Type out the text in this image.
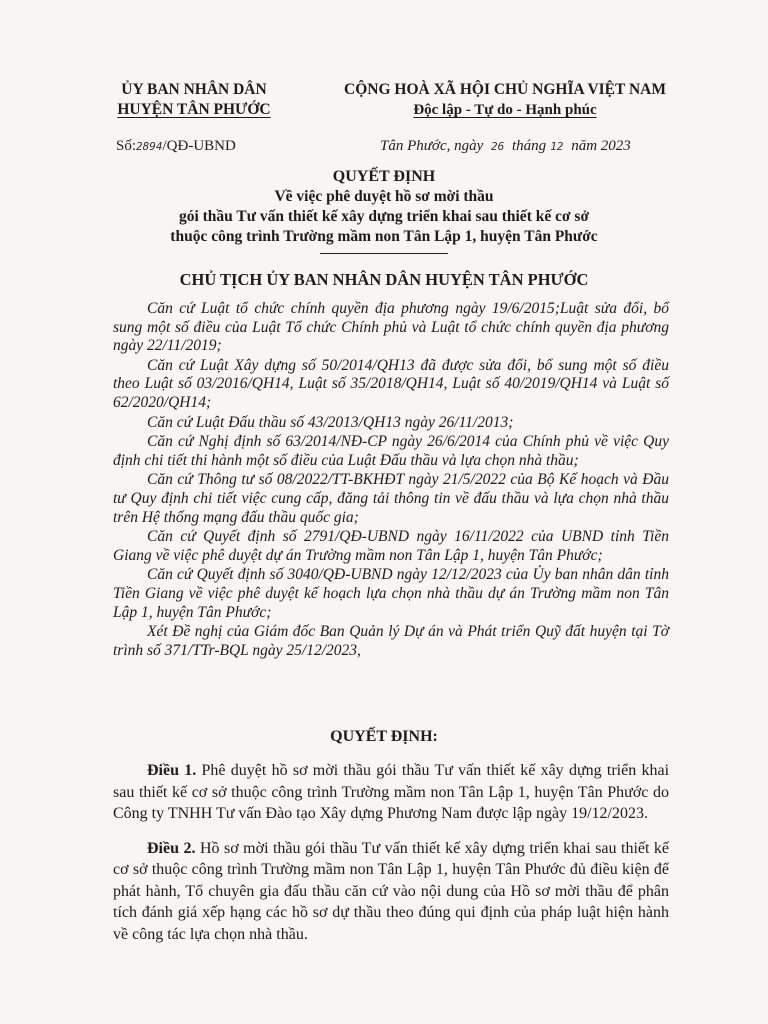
ỦY BAN NHÂN DÂN
HUYỆN TÂN PHƯỚC
CỘNG HOÀ XÃ HỘI CHỦ NGHĨA VIỆT NAM
Độc lập - Tự do - Hạnh phúc
Số:2894/QĐ-UBND	Tân Phước, ngày 26 tháng 12 năm 2023
QUYẾT ĐỊNH
Về việc phê duyệt hồ sơ mời thầu
gói thầu Tư vấn thiết kế xây dựng triển khai sau thiết kế cơ sở
thuộc công trình Trường mầm non Tân Lập 1, huyện Tân Phước
CHỦ TỊCH ỦY BAN NHÂN DÂN HUYỆN TÂN PHƯỚC

Căn cứ Luật tổ chức chính quyền địa phương ngày 19/6/2015;Luật sửa đổi, bổ sung một số điều của Luật Tổ chức Chính phủ và Luật tổ chức chính quyền địa phương ngày 22/11/2019;

Căn cứ Luật Xây dựng số 50/2014/QH13 đã được sửa đổi, bổ sung một số điều theo Luật số 03/2016/QH14, Luật số 35/2018/QH14, Luật số 40/2019/QH14 và Luật số 62/2020/QH14;

Căn cứ Luật Đấu thầu số 43/2013/QH13 ngày 26/11/2013;

Căn cứ Nghị định số 63/2014/NĐ-CP ngày 26/6/2014 của Chính phủ về việc Quy định chi tiết thi hành một số điều của Luật Đấu thầu và lựa chọn nhà thầu;

Căn cứ Thông tư số 08/2022/TT-BKHĐT ngày 21/5/2022 của Bộ Kế hoạch và Đầu tư Quy định chi tiết việc cung cấp, đăng tải thông tin về đấu thầu và lựa chọn nhà thầu trên Hệ thống mạng đấu thầu quốc gia;

Căn cứ Quyết định số 2791/QĐ-UBND ngày 16/11/2022 của UBND tỉnh Tiền Giang về việc phê duyệt dự án Trường mầm non Tân Lập 1, huyện Tân Phước;

Căn cứ Quyết định số 3040/QĐ-UBND ngày 12/12/2023 của Ủy ban nhân dân tỉnh Tiền Giang về việc phê duyệt kế hoạch lựa chọn nhà thầu dự án Trường mầm non Tân Lập 1, huyện Tân Phước;

Xét Đề nghị của Giám đốc Ban Quản lý Dự án và Phát triển Quỹ đất huyện tại Tờ trình số 371/TTr-BQL ngày 25/12/2023,

QUYẾT ĐỊNH:

Điều 1. Phê duyệt hồ sơ mời thầu gói thầu Tư vấn thiết kế xây dựng triển khai sau thiết kế cơ sở thuộc công trình Trường mầm non Tân Lập 1, huyện Tân Phước do Công ty TNHH Tư vấn Đào tạo Xây dựng Phương Nam được lập ngày 19/12/2023.

Điều 2. Hồ sơ mời thầu gói thầu Tư vấn thiết kế xây dựng triển khai sau thiết kế cơ sở thuộc công trình Trường mầm non Tân Lập 1, huyện Tân Phước đủ điều kiện để phát hành, Tổ chuyên gia đấu thầu căn cứ vào nội dung của Hồ sơ mời thầu để phân tích đánh giá xếp hạng các hồ sơ dự thầu theo đúng qui định của pháp luật hiện hành về công tác lựa chọn nhà thầu.
